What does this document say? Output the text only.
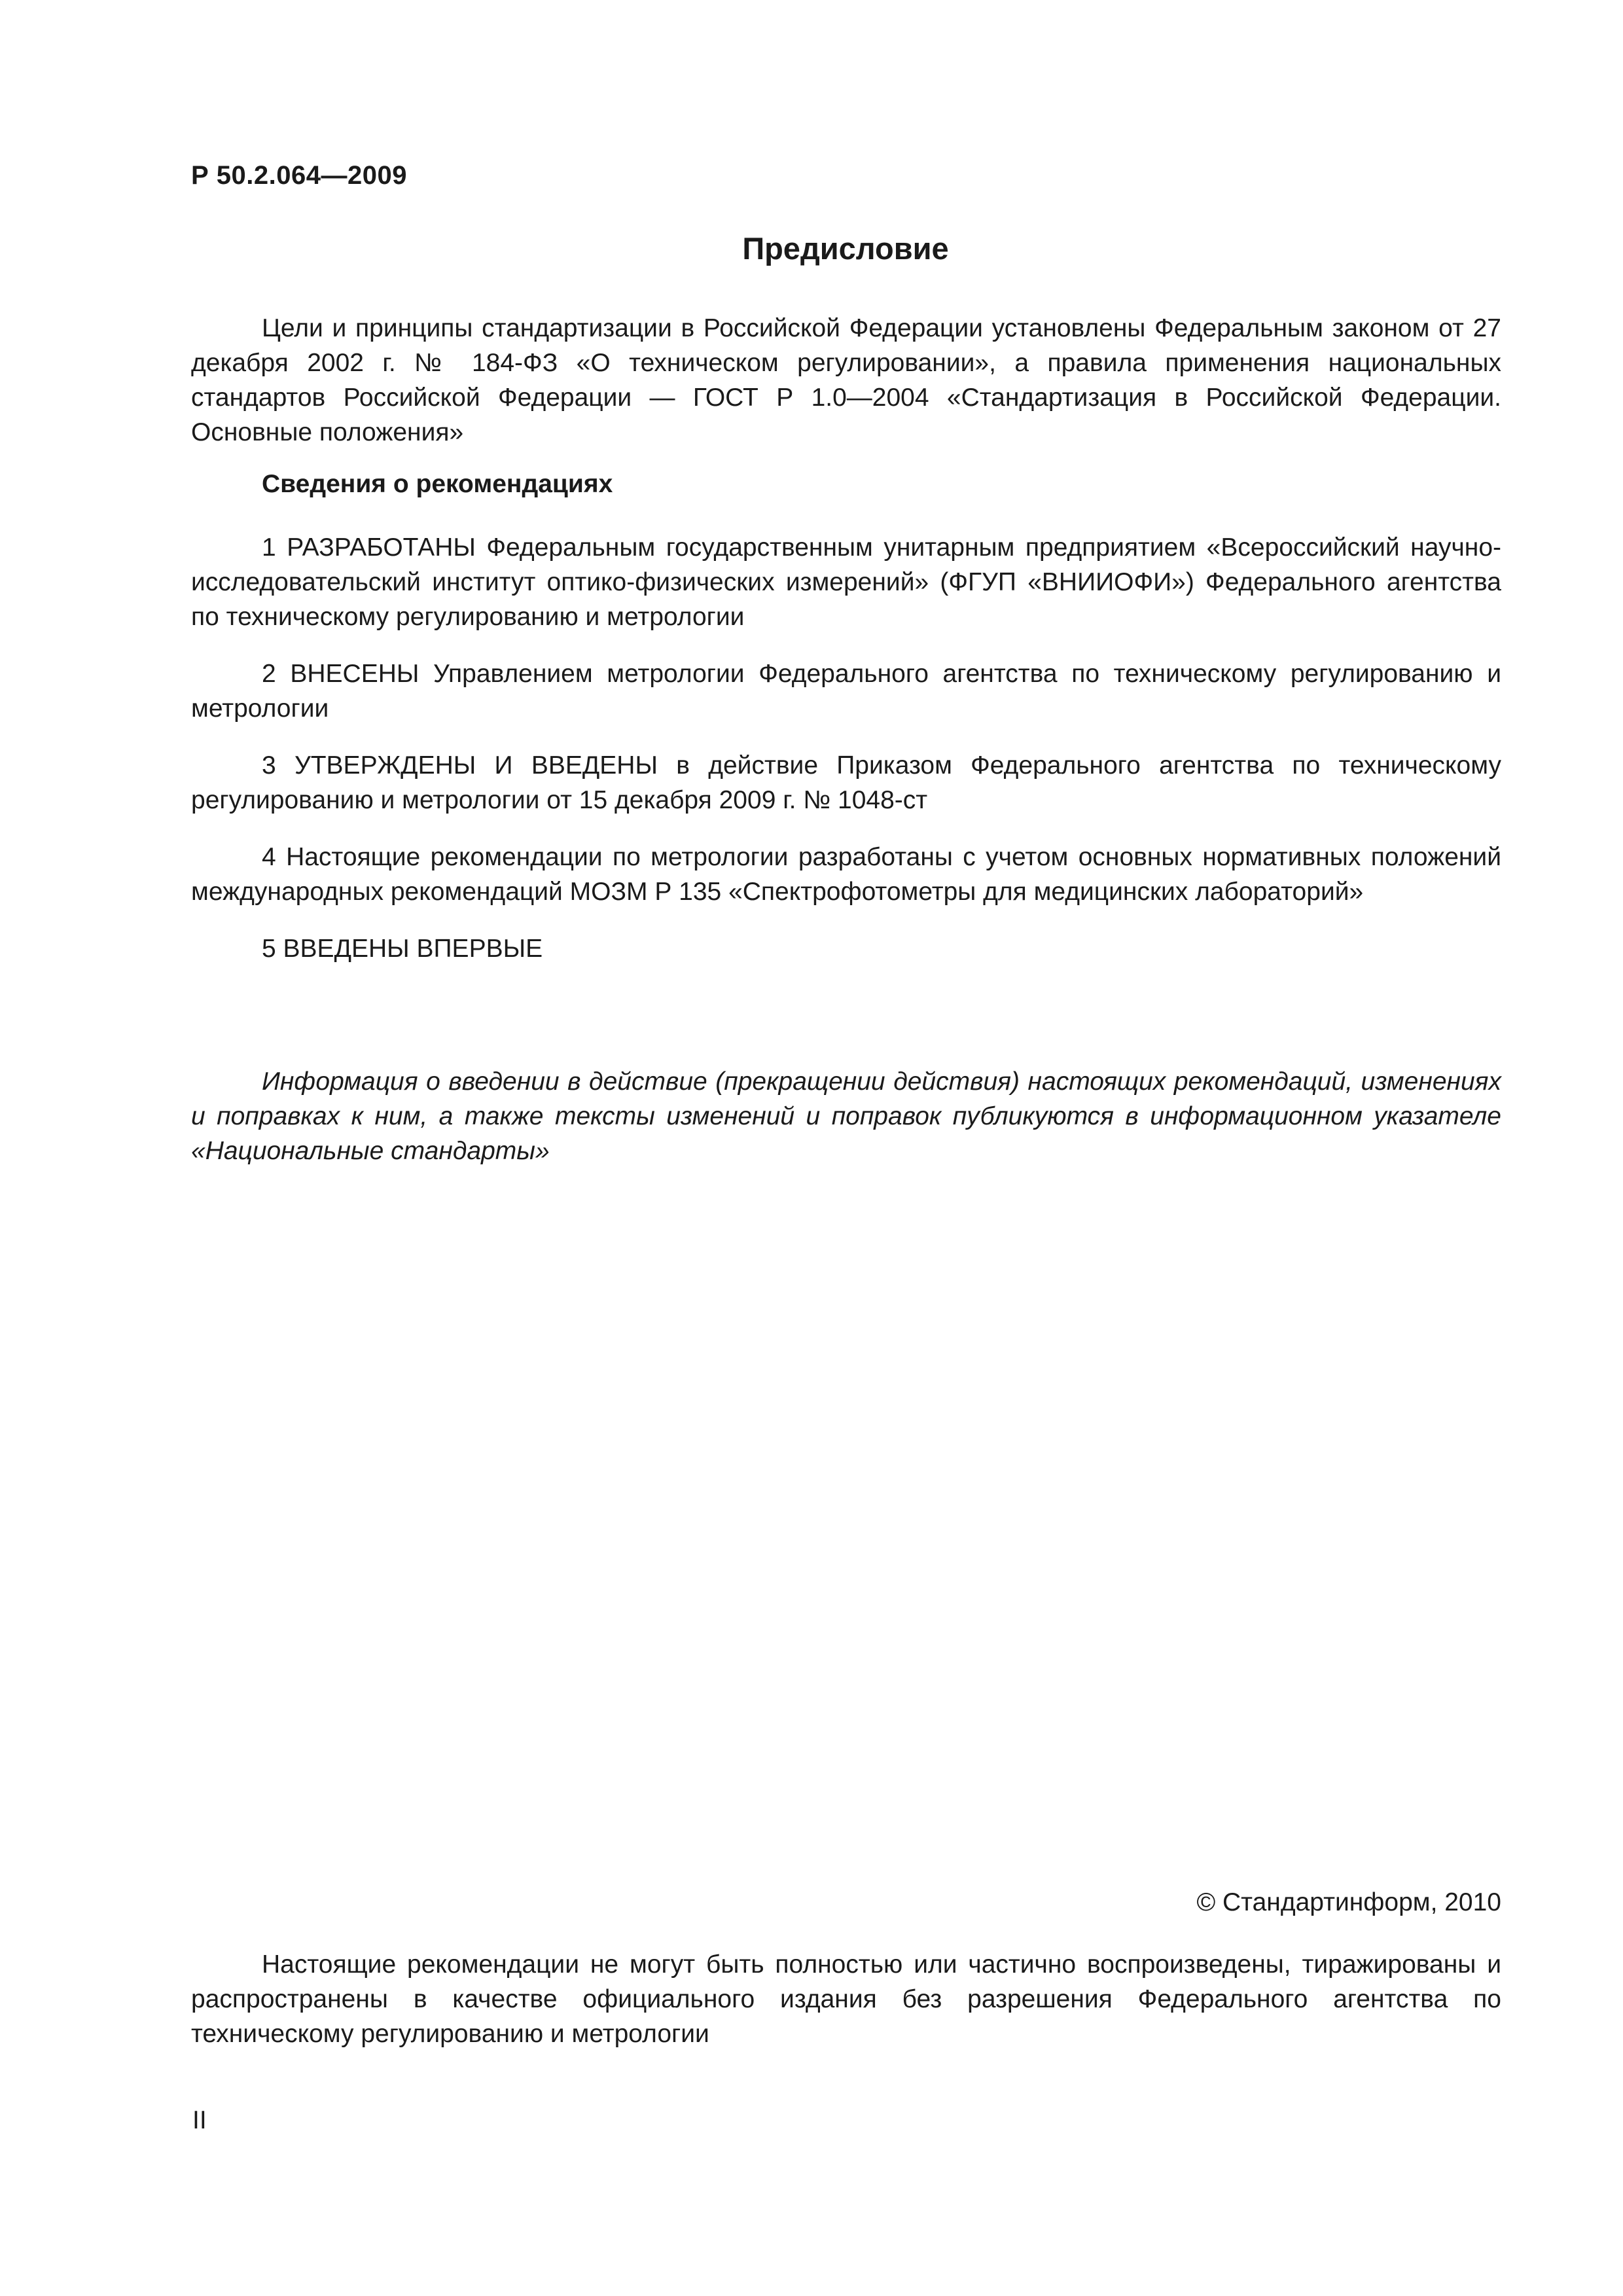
Р 50.2.064—2009
Предисловие

Цели и принципы стандартизации в Российской Федерации установлены Федеральным законом от 27 декабря 2002 г. № 184-ФЗ «О техническом регулировании», а правила применения национальных стандартов Российской Федерации — ГОСТ Р 1.0—2004 «Стандартизация в Российской Федерации. Основные положения»

Сведения о рекомендациях

1 РАЗРАБОТАНЫ Федеральным государственным унитарным предприятием «Всероссийский научно-исследовательский институт оптико-физических измерений» (ФГУП «ВНИИОФИ») Федерального агентства по техническому регулированию и метрологии

2 ВНЕСЕНЫ Управлением метрологии Федерального агентства по техническому регулированию и метрологии

3 УТВЕРЖДЕНЫ И ВВЕДЕНЫ в действие Приказом Федерального агентства по техническому регулированию и метрологии от 15 декабря 2009 г. № 1048-ст

4 Настоящие рекомендации по метрологии разработаны с учетом основных нормативных положений международных рекомендаций МОЗМ Р 135 «Спектрофотометры для медицинских лабораторий»

5 ВВЕДЕНЫ ВПЕРВЫЕ

Информация о введении в действие (прекращении действия) настоящих рекомендаций, изменениях и поправках к ним, а также тексты изменений и поправок публикуются в информационном указателе «Национальные стандарты»

© Стандартинформ, 2010

Настоящие рекомендации не могут быть полностью или частично воспроизведены, тиражированы и распространены в качестве официального издания без разрешения Федерального агентства по техническому регулированию и метрологии

II
